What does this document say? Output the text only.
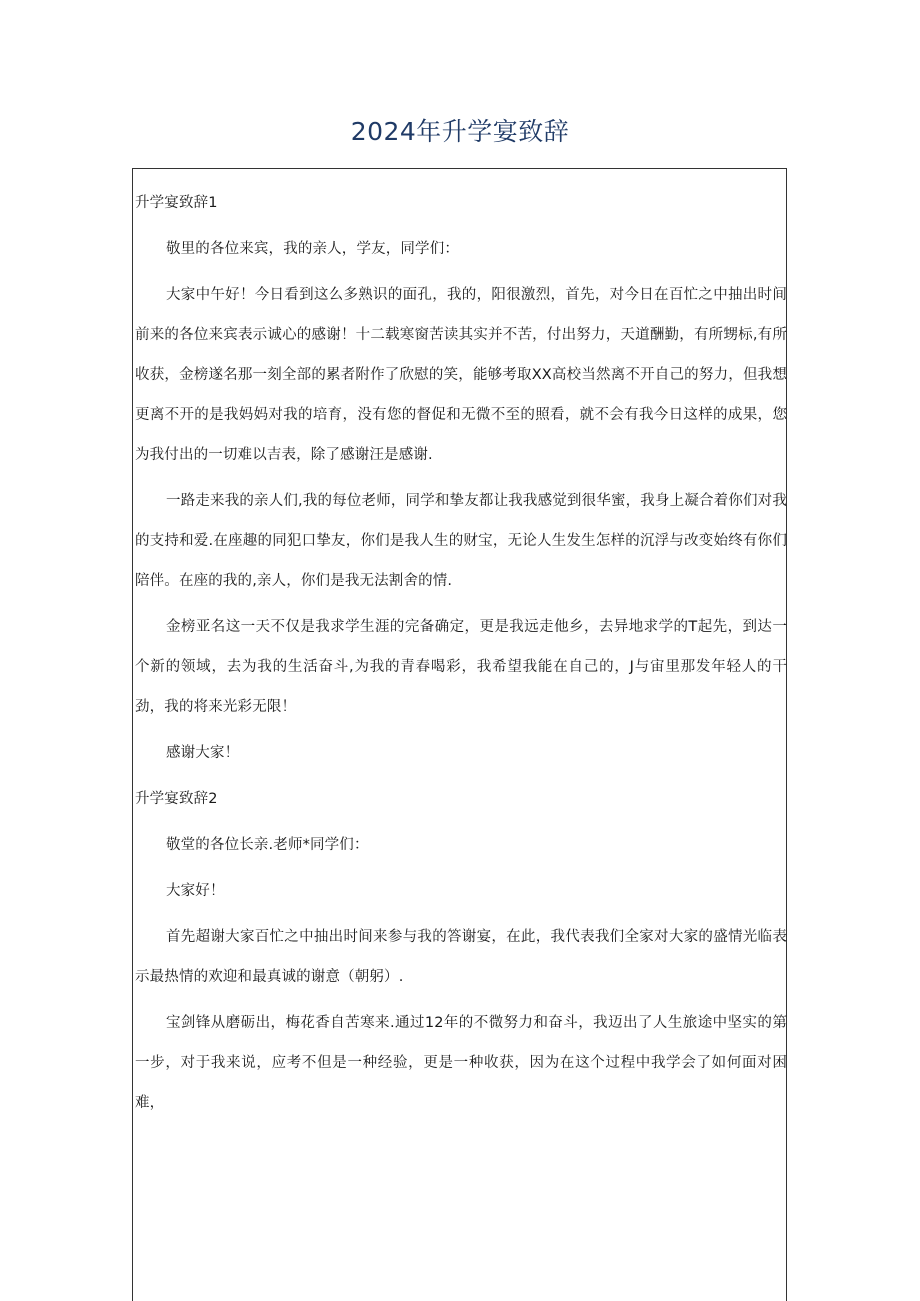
2024年升学宴致辞

升学宴致辞1

敬里的各位来宾，我的亲人，学友，同学们：

大家中午好！今日看到这么多熟识的面孔，我的，阳很激烈，首先，对今日在百忙之中抽出时间前来的各位来宾表示诚心的感谢！十二载寒窗苦读其实并不苦，付出努力，天道酬勤，有所甥标,有所收获，金榜遂名那一刻全部的累者附作了欣慰的笑，能够考取XX高校当然离不开自己的努力，但我想更离不开的是我妈妈对我的培育，没有您的督促和无微不至的照看，就不会有我今日这样的成果，您为我付出的一切难以吉表，除了感谢汪是感谢.

一路走来我的亲人们,我的每位老师，同学和挚友都让我我感觉到很华蜜，我身上凝合着你们对我的支持和爱.在座趣的同犯口挚友，你们是我人生的财宝，无论人生发生怎样的沉浮与改变始终有你们陪伴。在座的我的,亲人，你们是我无法割舍的情.

金榜亚名这一天不仅是我求学生涯的完备确定，更是我远走他乡，去异地求学的T起先，到达一个新的领域，去为我的生活奋斗,为我的青春喝彩，我希望我能在自己的，J与宙里那发年轻人的干劲，我的将来光彩无限！

感谢大家！

升学宴致辞2

敬堂的各位长亲.老师*同学们：

大家好！

首先超谢大家百忙之中抽出时间来参与我的答谢宴，在此，我代表我们全家对大家的盛情光临表示最热情的欢迎和最真诚的谢意（朝躬）.

宝剑锋从磨砺出，梅花香自苦寒来.通过12年的不微努力和奋斗，我迈出了人生旅途中坚实的第一步，对于我来说，应考不但是一种经验，更是一种收获，因为在这个过程中我学会了如何面对困难，
